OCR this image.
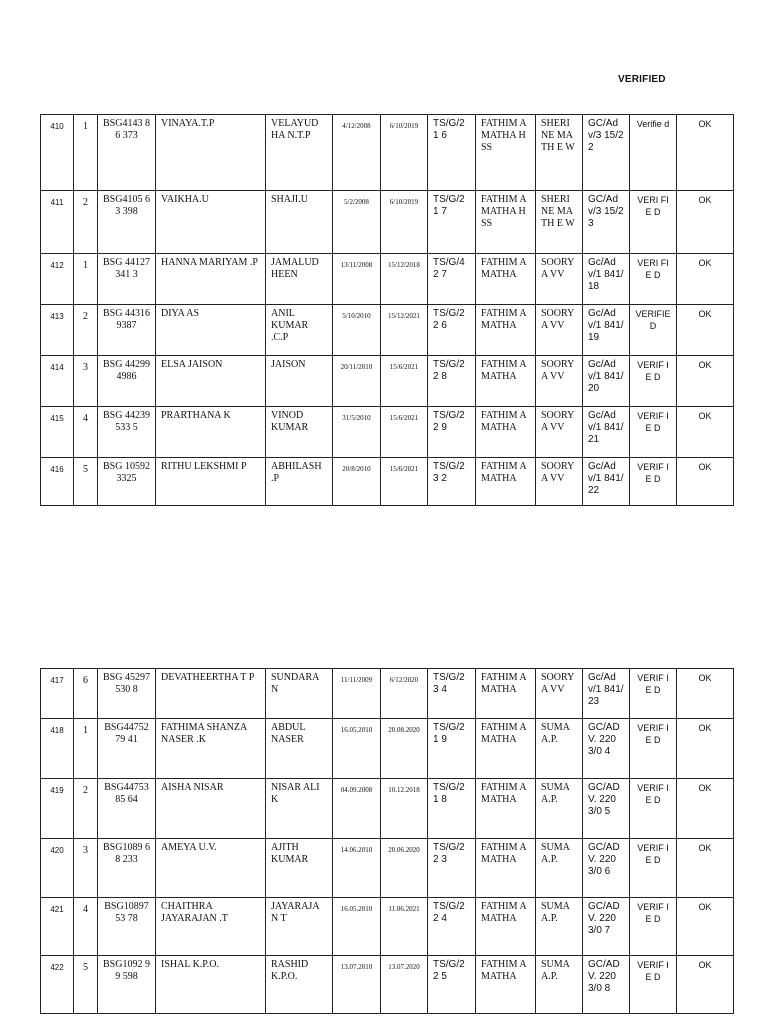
VERIFIED
410	1	BSG4143 86 373	VINAYA.T.P	VELAYUD HA N.T.P	4/12/2008	6/10/2019	TS/G/21 6	FATHIM A MATHA HSS	SHERI NE MATH E W	GC/Ad v/3 15/22	Verifie d	OK
411	2	BSG4105 63 398	VAIKHA.U	SHAJI.U	5/2/2008	6/10/2019	TS/G/21 7	FATHIM A MATHA HSS	SHERI NE MATH E W	GC/Ad v/3 15/23	VERI FIE D	OK
412	1	BSG 44127341 3	HANNA MARIYAM .P	JAMALUD HEEN	13/11/2008	15/12/2018	TS/G/42 7	FATHIM A MATHA	SOORY A VV	Gc/Ad v/1 841/18	VERI FIE D	OK
413	2	BSG 443169387	DIYA AS	ANIL KUMAR .C.P	5/10/2010	15/12/2021	TS/G/22 6	FATHIM A MATHA	SOORY A VV	Gc/Ad v/1 841/19	VERIFIE D	OK
414	3	BSG 442994986	ELSA JAISON	JAISON	20/11/2010	15/6/2021	TS/G/22 8	FATHIM A MATHA	SOORY A VV	Gc/Ad v/1 841/20	VERIF IE D	OK
415	4	BSG 44239533 5	PRARTHANA K	VINOD KUMAR	31/5/2010	15/6/2021	TS/G/22 9	FATHIM A MATHA	SOORY A VV	Gc/Ad v/1 841/21	VERIF IE D	OK
416	5	BSG 105923325	RITHU LEKSHMI P	ABHILASH .P	20/8/2010	15/6/2021	TS/G/23 2	FATHIM A MATHA	SOORY A VV	Gc/Ad v/1 841/22	VERIF IE D	OK
417	6	BSG 45297530 8	DEVATHEERTHA T P	SUNDARA N	11/11/2009	6/12/2020	TS/G/23 4	FATHIM A MATHA	SOORY A VV	Gc/Ad v/1 841/23	VERIF IE D	OK
418	1	BSG44752 79 41	FATHIMA SHANZA NASER .K	ABDUL NASER	16.05.2010	20.08.2020	TS/G/21 9	FATHIM A MATHA	SUMA A.P.	GC/AD V. 2203/0 4	VERIF IE D	OK
419	2	BSG44753 85 64	AISHA NISAR	NISAR ALI K	04.09.2008	10.12.2018	TS/G/21 8	FATHIM A MATHA	SUMA A.P.	GC/AD V. 2203/0 5	VERIF IE D	OK
420	3	BSG1089 68 233	AMEYA U.V.	AJITH KUMAR	14.06.2010	20.06.2020	TS/G/22 3	FATHIM A MATHA	SUMA A.P.	GC/AD V. 2203/0 6	VERIF IE D	OK
421	4	BSG10897 53 78	CHAITHRA JAYARAJAN .T	JAYARAJA N T	16.05.2010	11.06.2021	TS/G/22 4	FATHIM A MATHA	SUMA A.P.	GC/AD V. 2203/0 7	VERIF IE D	OK
422	5	BSG1092 99 598	ISHAL K.P.O.	RASHID K.P.O.	13.07.2010	13.07.2020	TS/G/22 5	FATHIM A MATHA	SUMA A.P.	GC/AD V. 2203/0 8	VERIF IE D	OK
